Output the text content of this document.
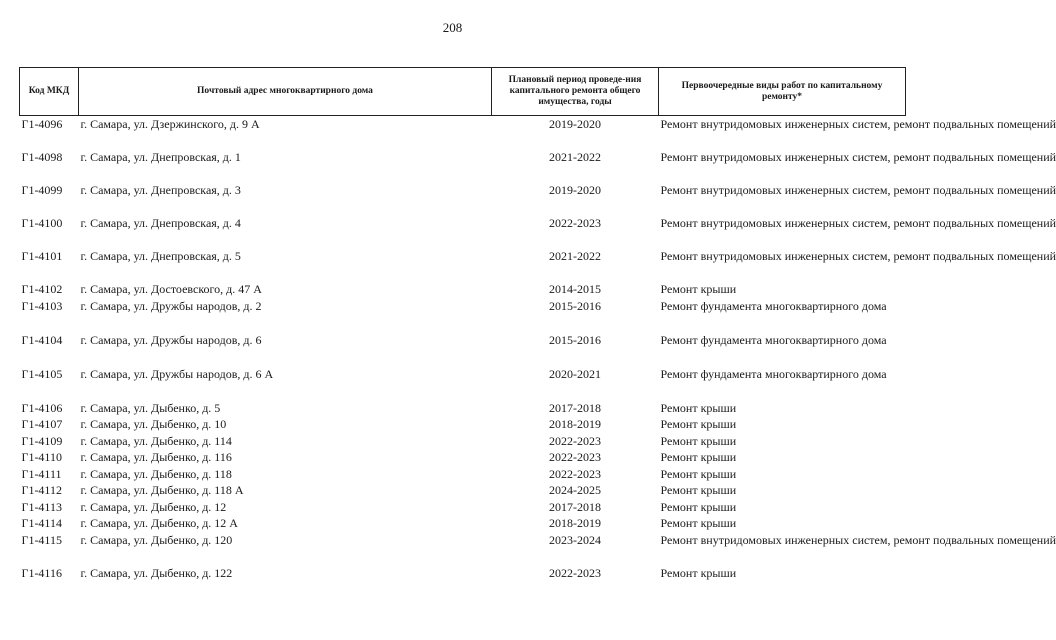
208
Код МКД	Почтовый адрес многоквартирного дома	Плановый период проведе-ния капитального ремонта общего имущества, годы	Первоочередные виды работ по капитальному ремонту*
Г1-4096	г. Самара, ул. Дзержинского, д. 9 А	2019-2020	Ремонт внутридомовых инженерных систем, ремонт подвальных помещений
Г1-4098	г. Самара, ул. Днепровская, д. 1	2021-2022	Ремонт внутридомовых инженерных систем, ремонт подвальных помещений
Г1-4099	г. Самара, ул. Днепровская, д. 3	2019-2020	Ремонт внутридомовых инженерных систем, ремонт подвальных помещений
Г1-4100	г. Самара, ул. Днепровская, д. 4	2022-2023	Ремонт внутридомовых инженерных систем, ремонт подвальных помещений
Г1-4101	г. Самара, ул. Днепровская, д. 5	2021-2022	Ремонт внутридомовых инженерных систем, ремонт подвальных помещений
Г1-4102	г. Самара, ул. Достоевского, д. 47 А	2014-2015	Ремонт крыши
Г1-4103	г. Самара, ул. Дружбы народов, д. 2	2015-2016	Ремонт фундамента многоквартирного дома
Г1-4104	г. Самара, ул. Дружбы народов, д. 6	2015-2016	Ремонт фундамента многоквартирного дома
Г1-4105	г. Самара, ул. Дружбы народов, д. 6 А	2020-2021	Ремонт фундамента многоквартирного дома
Г1-4106	г. Самара, ул. Дыбенко, д. 5	2017-2018	Ремонт крыши
Г1-4107	г. Самара, ул. Дыбенко, д. 10	2018-2019	Ремонт крыши
Г1-4109	г. Самара, ул. Дыбенко, д. 114	2022-2023	Ремонт крыши
Г1-4110	г. Самара, ул. Дыбенко, д. 116	2022-2023	Ремонт крыши
Г1-4111	г. Самара, ул. Дыбенко, д. 118	2022-2023	Ремонт крыши
Г1-4112	г. Самара, ул. Дыбенко, д. 118 А	2024-2025	Ремонт крыши
Г1-4113	г. Самара, ул. Дыбенко, д. 12	2017-2018	Ремонт крыши
Г1-4114	г. Самара, ул. Дыбенко, д. 12 А	2018-2019	Ремонт крыши
Г1-4115	г. Самара, ул. Дыбенко, д. 120	2023-2024	Ремонт внутридомовых инженерных систем, ремонт подвальных помещений
Г1-4116	г. Самара, ул. Дыбенко, д. 122	2022-2023	Ремонт крыши
